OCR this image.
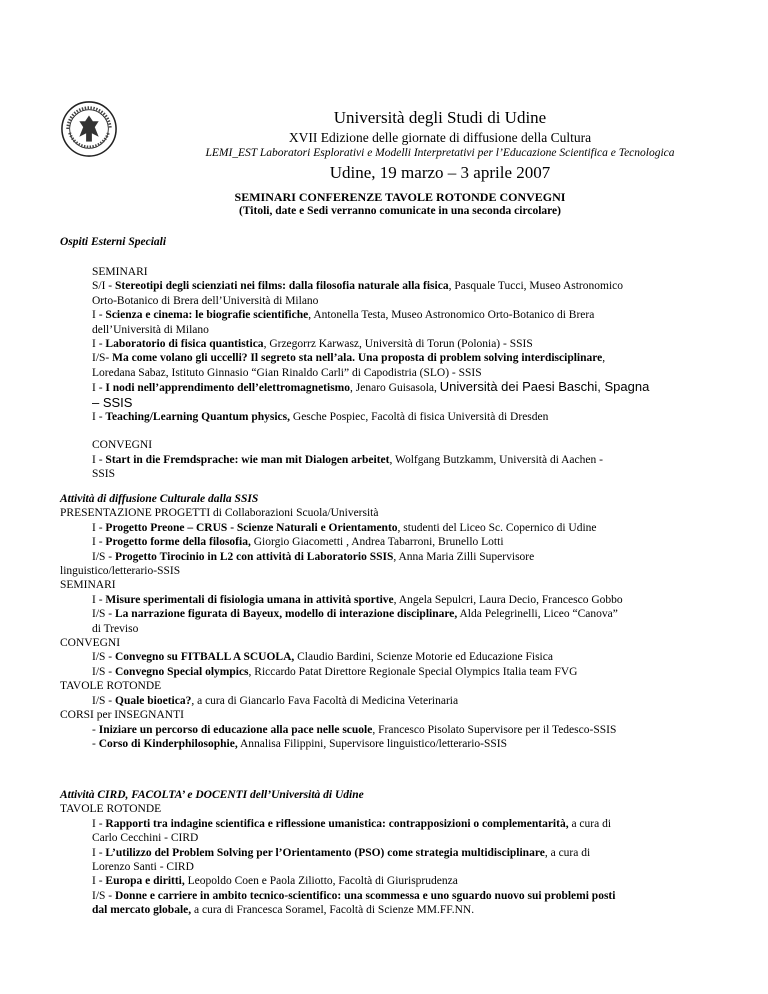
Università degli Studi di Udine
XVII Edizione delle giornate di diffusione della Cultura
LEMI_EST Laboratori Esplorativi e Modelli Interpretativi per l’Educazione Scientifica e Tecnologica
Udine, 19 marzo – 3 aprile 2007
SEMINARI CONFERENZE TAVOLE ROTONDE CONVEGNI
(Titoli, date e Sedi verranno comunicate in una seconda circolare)
Ospiti Esterni Speciali
SEMINARI
S/I - Stereotipi degli scienziati nei films: dalla filosofia naturale alla fisica, Pasquale Tucci, Museo Astronomico
Orto-Botanico di Brera dell’Università di Milano
I - Scienza e cinema: le biografie scientifiche, Antonella Testa, Museo Astronomico Orto-Botanico di Brera
dell’Università di Milano
I - Laboratorio di fisica quantistica, Grzegorrz Karwasz, Università di Torun (Polonia) - SSIS
I/S- Ma come volano gli uccelli? Il segreto sta nell’ala. Una proposta di problem solving interdisciplinare,
Loredana Sabaz, Istituto Ginnasio “Gian Rinaldo Carli” di Capodistria (SLO) - SSIS
I - I nodi nell’apprendimento dell’elettromagnetismo, Jenaro Guisasola, Università dei Paesi Baschi, Spagna
– SSIS
I - Teaching/Learning Quantum physics, Gesche Pospiec, Facoltà di fisica Università di Dresden
CONVEGNI
I - Start in die Fremdsprache: wie man mit Dialogen arbeitet, Wolfgang Butzkamm, Università di Aachen -
SSIS
Attività di diffusione Culturale dalla SSIS
PRESENTAZIONE PROGETTI di Collaborazioni Scuola/Università
I - Progetto Preone – CRUS - Scienze Naturali e Orientamento, studenti del Liceo Sc. Copernico di Udine
I - Progetto forme della filosofia, Giorgio Giacometti , Andrea Tabarroni, Brunello Lotti
I/S - Progetto Tirocinio in L2 con attività di Laboratorio SSIS, Anna Maria Zilli Supervisore
linguistico/letterario-SSIS
SEMINARI
I - Misure sperimentali di fisiologia umana in attività sportive, Angela Sepulcri, Laura Decio, Francesco Gobbo
I/S - La narrazione figurata di Bayeux, modello di interazione disciplinare, Alda Pelegrinelli, Liceo “Canova”
di Treviso
CONVEGNI
I/S - Convegno su FITBALL A SCUOLA, Claudio Bardini, Scienze Motorie ed Educazione Fisica
I/S - Convegno Special olympics, Riccardo Patat Direttore Regionale Special Olympics Italia team FVG
TAVOLE ROTONDE
I/S - Quale bioetica?, a cura di Giancarlo Fava Facoltà di Medicina Veterinaria
CORSI per INSEGNANTI
- Iniziare un percorso di educazione alla pace nelle scuole, Francesco Pisolato Supervisore per il Tedesco-SSIS
- Corso di Kinderphilosophie, Annalisa Filippini, Supervisore linguistico/letterario-SSIS
Attività CIRD, FACOLTA’ e DOCENTI dell’Università di Udine
TAVOLE ROTONDE
I - Rapporti tra indagine scientifica e riflessione umanistica: contrapposizioni o complementarità, a cura di
Carlo Cecchini - CIRD
I - L’utilizzo del Problem Solving per l’Orientamento (PSO) come strategia multidisciplinare, a cura di
Lorenzo Santi - CIRD
I - Europa e diritti, Leopoldo Coen e Paola Ziliotto, Facoltà di Giurisprudenza
I/S - Donne e carriere in ambito tecnico-scientifico: una scommessa e uno sguardo nuovo sui problemi posti
dal mercato globale, a cura di Francesca Soramel, Facoltà di Scienze MM.FF.NN.
